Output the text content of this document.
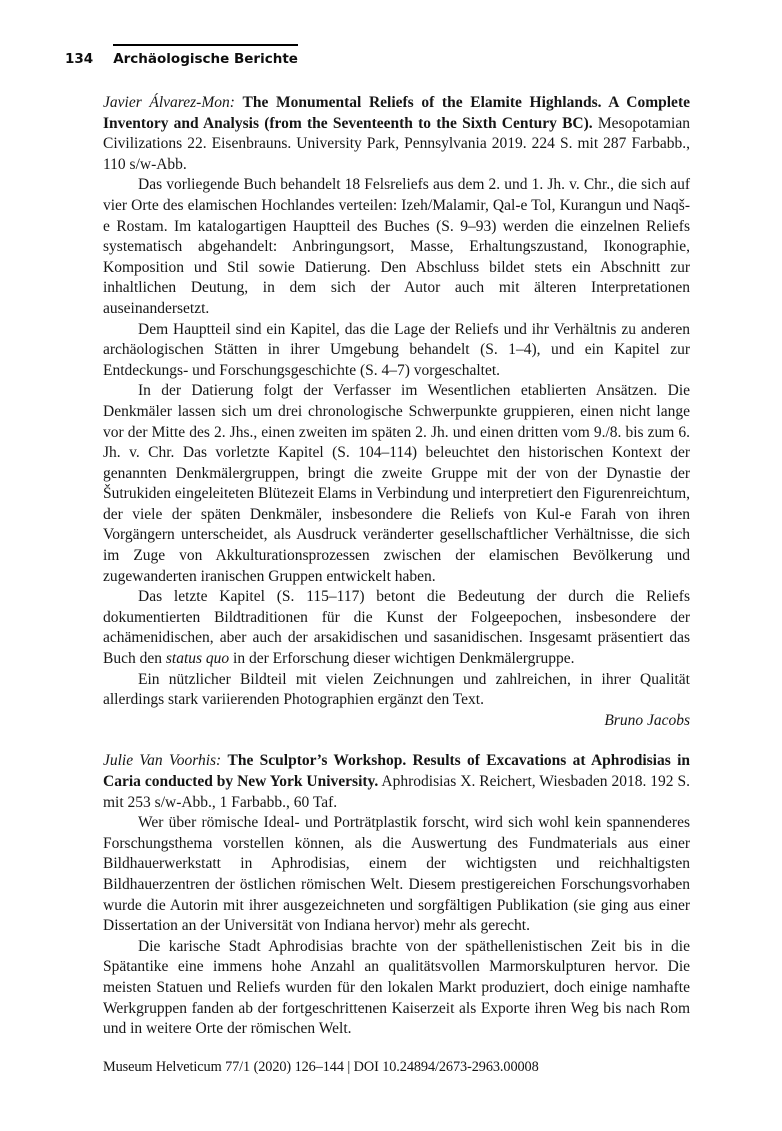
134 Archäologische Berichte

Javier Álvarez-Mon: The Monumental Reliefs of the Elamite Highlands. A Complete Inventory and Analysis (from the Seventeenth to the Sixth Century BC). Mesopotamian Civilizations 22. Eisenbrauns. University Park, Pennsylvania 2019. 224 S. mit 287 Farbabb., 110 s/w-Abb.

Das vorliegende Buch behandelt 18 Felsreliefs aus dem 2. und 1. Jh. v. Chr., die sich auf vier Orte des elamischen Hochlandes verteilen: Izeh/Malamir, Qal-e Tol, Kurangun und Naqš-e Rostam. Im katalogartigen Hauptteil des Buches (S. 9–93) werden die einzelnen Reliefs systematisch abgehandelt: Anbringungsort, Masse, Erhaltungszustand, Ikonographie, Komposition und Stil sowie Datierung. Den Abschluss bildet stets ein Abschnitt zur inhaltlichen Deutung, in dem sich der Autor auch mit älteren Interpretationen auseinandersetzt.

Dem Hauptteil sind ein Kapitel, das die Lage der Reliefs und ihr Verhältnis zu anderen archäologischen Stätten in ihrer Umgebung behandelt (S. 1–4), und ein Kapitel zur Entdeckungs- und Forschungsgeschichte (S. 4–7) vorgeschaltet.

In der Datierung folgt der Verfasser im Wesentlichen etablierten Ansätzen. Die Denkmäler lassen sich um drei chronologische Schwerpunkte gruppieren, einen nicht lange vor der Mitte des 2. Jhs., einen zweiten im späten 2. Jh. und einen dritten vom 9./8. bis zum 6. Jh. v. Chr. Das vorletzte Kapitel (S. 104–114) beleuchtet den historischen Kontext der genannten Denkmälergruppen, bringt die zweite Gruppe mit der von der Dynastie der Šutrukiden eingeleiteten Blütezeit Elams in Verbindung und interpretiert den Figurenreichtum, der viele der späten Denkmäler, insbesondere die Reliefs von Kul-e Farah von ihren Vorgängern unterscheidet, als Ausdruck veränderter gesellschaftlicher Verhältnisse, die sich im Zuge von Akkulturationsprozessen zwischen der elamischen Bevölkerung und zugewanderten iranischen Gruppen entwickelt haben.

Das letzte Kapitel (S. 115–117) betont die Bedeutung der durch die Reliefs dokumentierten Bildtraditionen für die Kunst der Folgeepochen, insbesondere der achämenidischen, aber auch der arsakidischen und sasanidischen. Insgesamt präsentiert das Buch den status quo in der Erforschung dieser wichtigen Denkmälergruppe.

Ein nützlicher Bildteil mit vielen Zeichnungen und zahlreichen, in ihrer Qualität allerdings stark variierenden Photographien ergänzt den Text.

Bruno Jacobs

Julie Van Voorhis: The Sculptor’s Workshop. Results of Excavations at Aphrodisias in Caria conducted by New York University. Aphrodisias X. Reichert, Wiesbaden 2018. 192 S. mit 253 s/w-Abb., 1 Farbabb., 60 Taf.

Wer über römische Ideal- und Porträtplastik forscht, wird sich wohl kein spannenderes Forschungsthema vorstellen können, als die Auswertung des Fundmaterials aus einer Bildhauerwerkstatt in Aphrodisias, einem der wichtigsten und reichhaltigsten Bildhauerzentren der östlichen römischen Welt. Diesem prestigereichen Forschungsvorhaben wurde die Autorin mit ihrer ausgezeichneten und sorgfältigen Publikation (sie ging aus einer Dissertation an der Universität von Indiana hervor) mehr als gerecht.

Die karische Stadt Aphrodisias brachte von der späthellenistischen Zeit bis in die Spätantike eine immens hohe Anzahl an qualitätsvollen Marmorskulpturen hervor. Die meisten Statuen und Reliefs wurden für den lokalen Markt produziert, doch einige namhafte Werkgruppen fanden ab der fortgeschrittenen Kaiserzeit als Exporte ihren Weg bis nach Rom und in weitere Orte der römischen Welt.

Museum Helveticum 77/1 (2020) 126–144 | DOI 10.24894/2673-2963.00008
